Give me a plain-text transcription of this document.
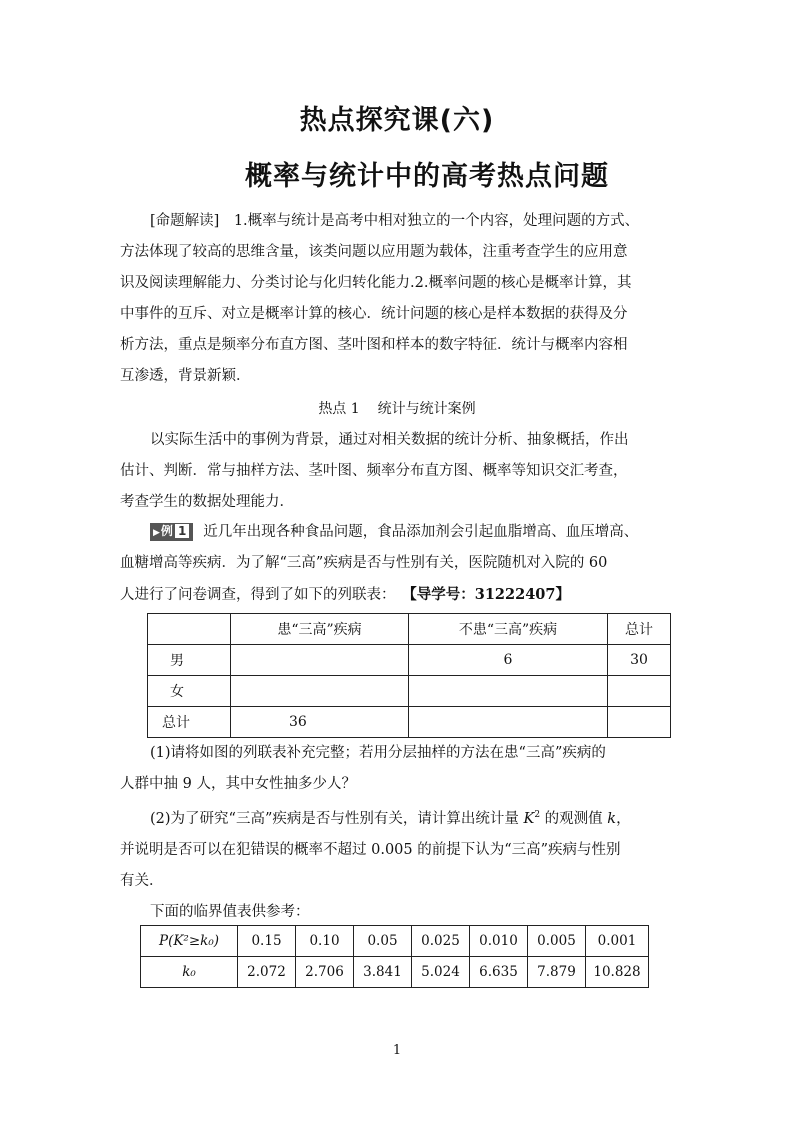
热点探究课(六)
概率与统计中的高考热点问题
[命题解读]　1.概率与统计是高考中相对独立的一个内容，处理问题的方式、
方法体现了较高的思维含量，该类问题以应用题为载体，注重考查学生的应用意
识及阅读理解能力、分类讨论与化归转化能力.2.概率问题的核心是概率计算，其
中事件的互斥、对立是概率计算的核心．统计问题的核心是样本数据的获得及分
析方法，重点是频率分布直方图、茎叶图和样本的数字特征．统计与概率内容相
互渗透，背景新颖．
热点 1 统计与统计案例
以实际生活中的事例为背景，通过对相关数据的统计分析、抽象概括，作出
估计、判断．常与抽样方法、茎叶图、频率分布直方图、概率等知识交汇考查，
考查学生的数据处理能力．
▶例 1 近几年出现各种食品问题，食品添加剂会引起血脂增高、血压增高、
血糖增高等疾病．为了解“三高”疾病是否与性别有关，医院随机对入院的 60
人进行了问卷调查，得到了如下的列联表： 【导学号：31222407】
	患“三高”疾病	不患“三高”疾病	总计
男		6	30
女			
总计	36		
(1)请将如图的列联表补充完整；若用分层抽样的方法在患“三高”疾病的
人群中抽 9 人，其中女性抽多少人？
(2)为了研究“三高”疾病是否与性别有关，请计算出统计量 $K^2$ 的观测值 k，
并说明是否可以在犯错误的概率不超过 0.005 的前提下认为“三高”疾病与性别
有关．
下面的临界值表供参考：
P(K²≥k₀)	0.15	0.10	0.05	0.025	0.010	0.005	0.001
k₀	2.072	2.706	3.841	5.024	6.635	7.879	10.828
1
